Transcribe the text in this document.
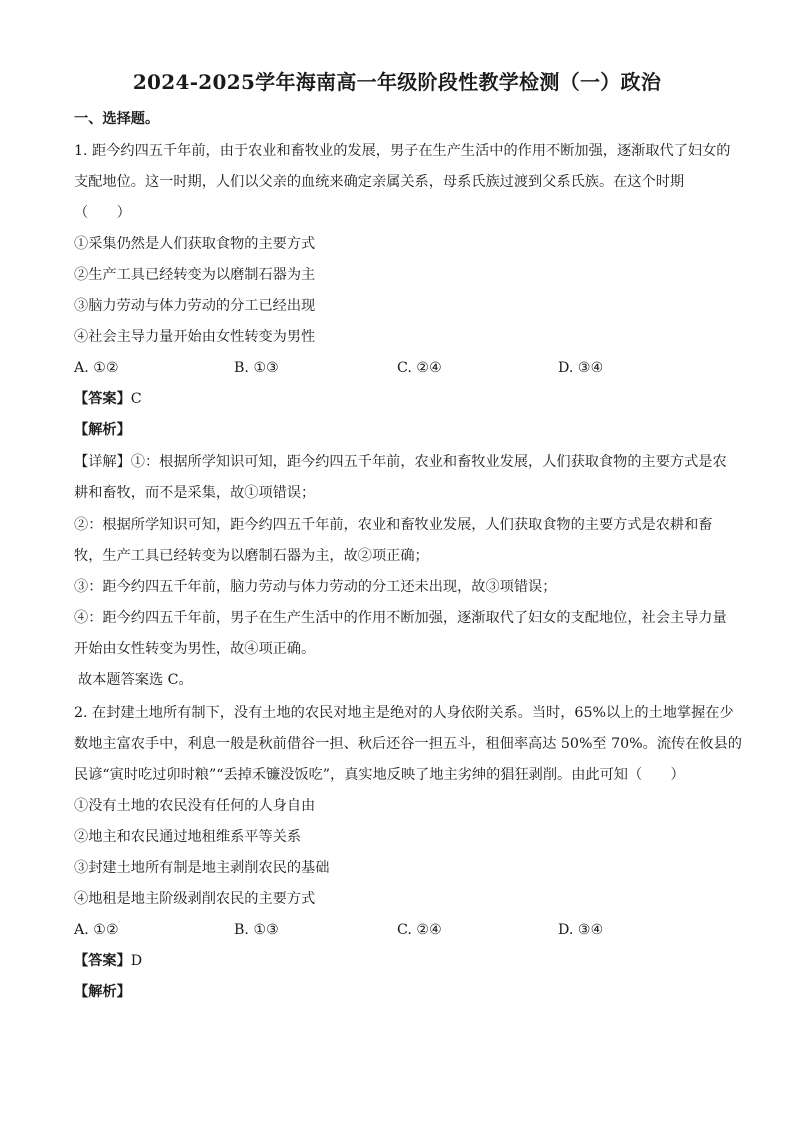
2024-2025学年海南高一年级阶段性教学检测（一）政治
一、选择题。
1. 距今约四五千年前，由于农业和畜牧业的发展，男子在生产生活中的作用不断加强，逐渐取代了妇女的
支配地位。这一时期，人们以父亲的血统来确定亲属关系，母系氏族过渡到父系氏族。在这个时期
（　　）
①采集仍然是人们获取食物的主要方式
②生产工具已经转变为以磨制石器为主
③脑力劳动与体力劳动的分工已经出现
④社会主导力量开始由女性转变为男性
A. ①②	B. ①③	C. ②④	D. ③④
【答案】C
【解析】
【详解】①：根据所学知识可知，距今约四五千年前，农业和畜牧业发展，人们获取食物的主要方式是农
耕和畜牧，而不是采集，故①项错误；
②：根据所学知识可知，距今约四五千年前，农业和畜牧业发展，人们获取食物的主要方式是农耕和畜
牧，生产工具已经转变为以磨制石器为主，故②项正确；
③：距今约四五千年前，脑力劳动与体力劳动的分工还未出现，故③项错误；
④：距今约四五千年前，男子在生产生活中的作用不断加强，逐渐取代了妇女的支配地位，社会主导力量
开始由女性转变为男性，故④项正确。
故本题答案选 C。
2. 在封建土地所有制下，没有土地的农民对地主是绝对的人身依附关系。当时，65%以上的土地掌握在少
数地主富农手中，利息一般是秋前借谷一担、秋后还谷一担五斗，租佃率高达 50%至 70%。流传在攸县的
民谚“寅时吃过卯时粮”“丢掉禾镰没饭吃”，真实地反映了地主劣绅的猖狂剥削。由此可知（　　）
①没有土地的农民没有任何的人身自由
②地主和农民通过地租维系平等关系
③封建土地所有制是地主剥削农民的基础
④地租是地主阶级剥削农民的主要方式
A. ①②	B. ①③	C. ②④	D. ③④
【答案】D
【解析】
